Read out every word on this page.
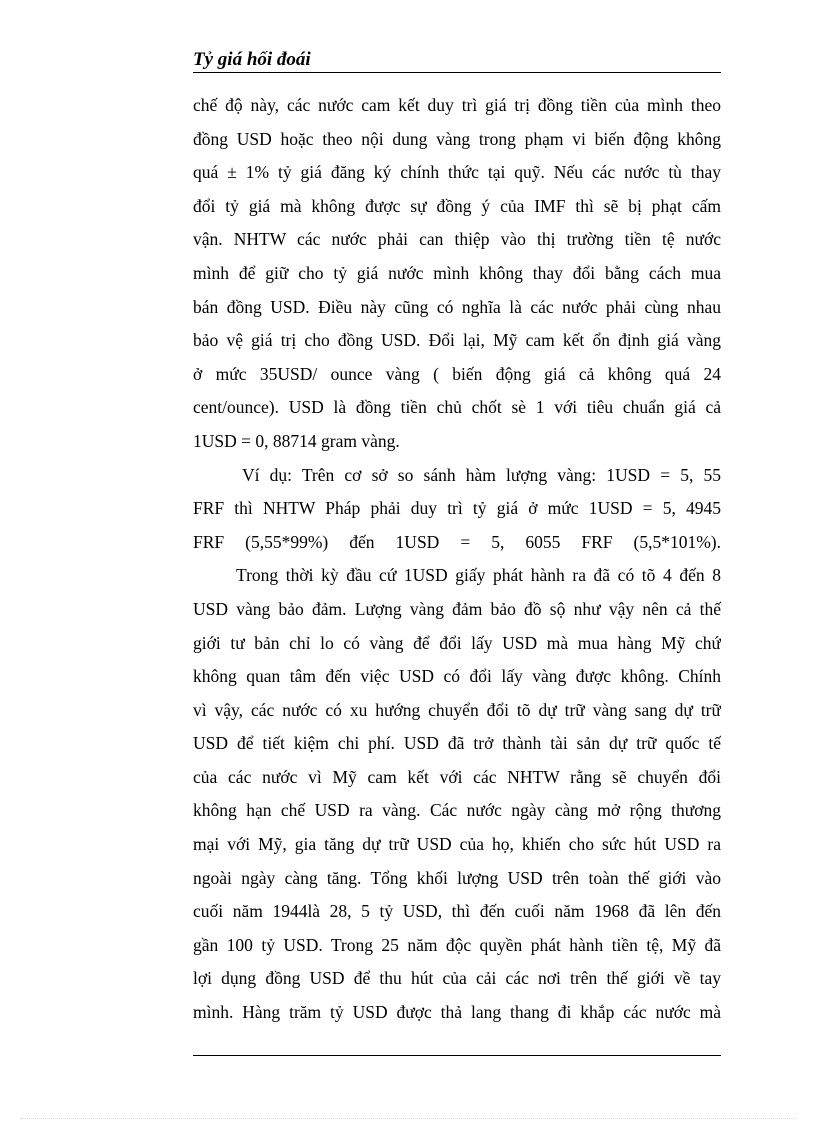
Tỷ giá hối đoái
chế độ này, các nước cam kết duy trì giá trị đồng tiền của mình theo
đồng USD hoặc theo nội dung vàng trong phạm vi biến động không
quá ± 1% tỷ giá đăng ký chính thức tại quỹ. Nếu các nước tù thay
đổi tỷ giá mà không được sự đồng ý của IMF thì sẽ bị phạt cấm
vận. NHTW các nước phải can thiệp vào thị trường tiền tệ nước
mình để giữ cho tỷ giá nước mình không thay đổi bằng cách mua
bán đồng USD. Điều này cũng có nghĩa là các nước phải cùng nhau
bảo vệ giá trị cho đồng USD. Đổi lại, Mỹ cam kết ổn định giá vàng
ở mức 35USD/ ounce vàng ( biến động giá cả không quá 24
cent/ounce). USD là đồng tiền chủ chốt sè 1 với tiêu chuẩn giá cả
1USD = 0, 88714 gram vàng.
Ví dụ: Trên cơ sở so sánh hàm lượng vàng: 1USD = 5, 55
FRF thì NHTW Pháp phải duy trì tỷ giá ở mức 1USD = 5, 4945
FRF (5,55*99%) đến 1USD = 5, 6055 FRF (5,5*101%).
Trong thời kỳ đầu cứ 1USD giấy phát hành ra đã có tõ 4 đến 8
USD vàng bảo đảm. Lượng vàng đảm bảo đồ sộ như vậy nên cả thế
giới tư bản chỉ lo có vàng để đổi lấy USD mà mua hàng Mỹ chứ
không quan tâm đến việc USD có đổi lấy vàng được không. Chính
vì vậy, các nước có xu hướng chuyển đổi tõ dự trữ vàng sang dự trữ
USD để tiết kiệm chi phí. USD đã trở thành tài sản dự trữ quốc tế
của các nước vì Mỹ cam kết với các NHTW rằng sẽ chuyển đổi
không hạn chế USD ra vàng. Các nước ngày càng mở rộng thương
mại với Mỹ, gia tăng dự trữ USD của họ, khiến cho sức hút USD ra
ngoài ngày càng tăng. Tổng khối lượng USD trên toàn thế giới vào
cuối năm 1944là 28, 5 tỷ USD, thì đến cuối năm 1968 đã lên đến
gần 100 tỷ USD. Trong 25 năm độc quyền phát hành tiền tệ, Mỹ đã
lợi dụng đồng USD để thu hút của cải các nơi trên thế giới về tay
mình. Hàng trăm tỷ USD được thả lang thang đi khắp các nước mà
